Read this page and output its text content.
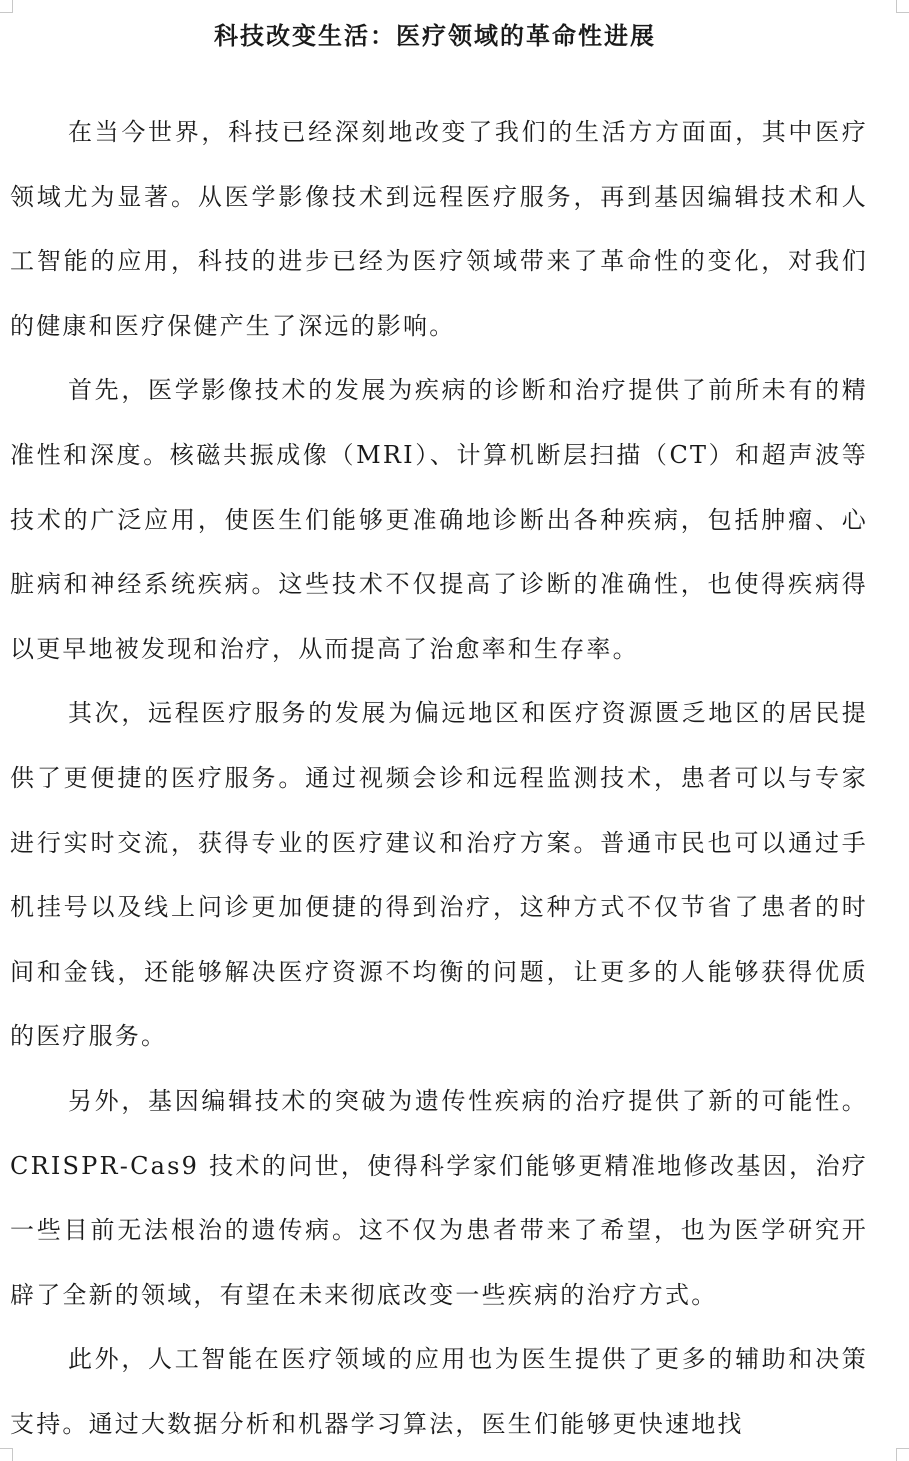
科技改变生活：医疗领域的革命性进展

在当今世界，科技已经深刻地改变了我们的生活方方面面，其中医疗领域尤为显著。从医学影像技术到远程医疗服务，再到基因编辑技术和人工智能的应用，科技的进步已经为医疗领域带来了革命性的变化，对我们的健康和医疗保健产生了深远的影响。

首先，医学影像技术的发展为疾病的诊断和治疗提供了前所未有的精准性和深度。核磁共振成像（MRI）、计算机断层扫描（CT）和超声波等技术的广泛应用，使医生们能够更准确地诊断出各种疾病，包括肿瘤、心脏病和神经系统疾病。这些技术不仅提高了诊断的准确性，也使得疾病得以更早地被发现和治疗，从而提高了治愈率和生存率。

其次，远程医疗服务的发展为偏远地区和医疗资源匮乏地区的居民提供了更便捷的医疗服务。通过视频会诊和远程监测技术，患者可以与专家进行实时交流，获得专业的医疗建议和治疗方案。普通市民也可以通过手机挂号以及线上问诊更加便捷的得到治疗，这种方式不仅节省了患者的时间和金钱，还能够解决医疗资源不均衡的问题，让更多的人能够获得优质的医疗服务。

另外，基因编辑技术的突破为遗传性疾病的治疗提供了新的可能性。CRISPR-Cas9 技术的问世，使得科学家们能够更精准地修改基因，治疗一些目前无法根治的遗传病。这不仅为患者带来了希望，也为医学研究开辟了全新的领域，有望在未来彻底改变一些疾病的治疗方式。

此外，人工智能在医疗领域的应用也为医生提供了更多的辅助和决策支持。通过大数据分析和机器学习算法，医生们能够更快速地找
